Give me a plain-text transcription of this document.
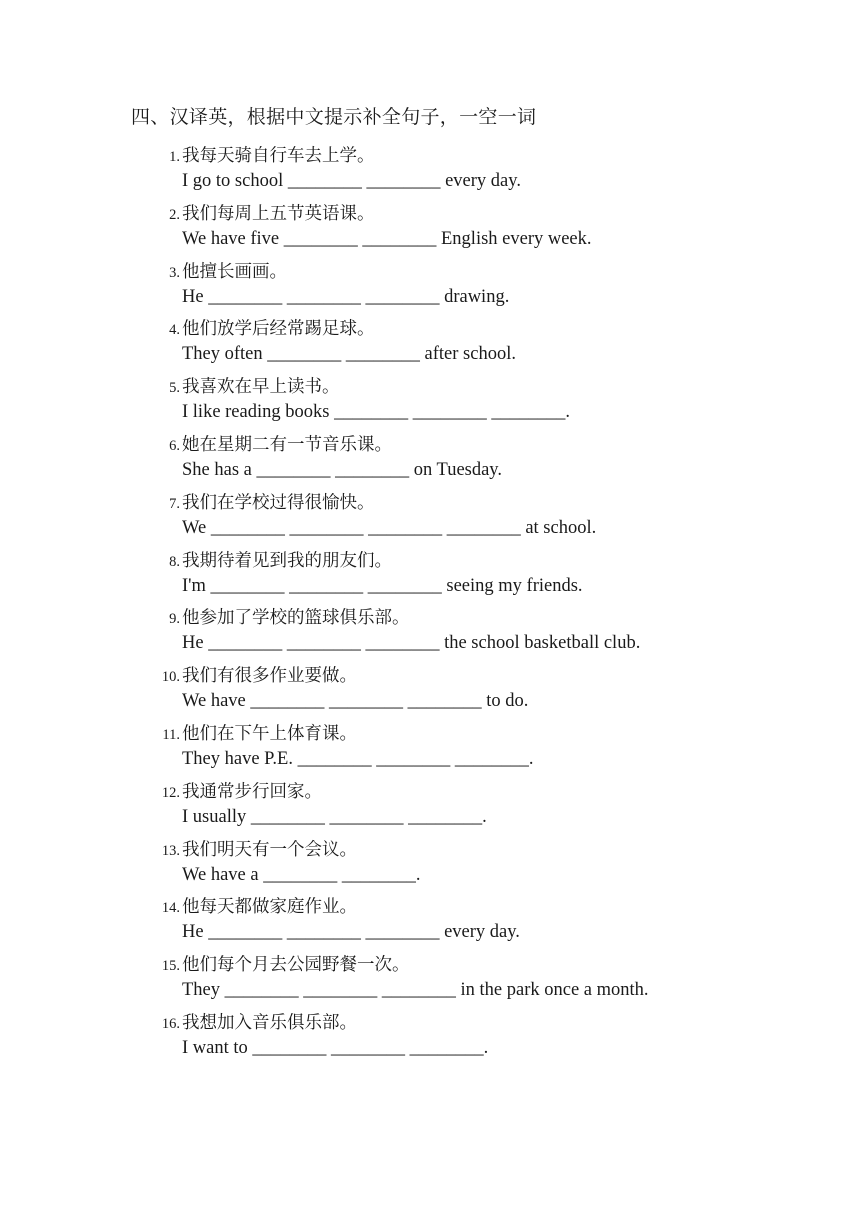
四、汉译英，根据中文提示补全句子，一空一词
1. 我每天骑自行车去上学。
I go to school ________ ________ every day.
2. 我们每周上五节英语课。
We have five ________ ________ English every week.
3. 他擅长画画。
He ________ ________ ________ drawing.
4. 他们放学后经常踢足球。
They often ________ ________ after school.
5. 我喜欢在早上读书。
I like reading books ________ ________ ________.
6. 她在星期二有一节音乐课。
She has a ________ ________ on Tuesday.
7. 我们在学校过得很愉快。
We ________ ________ ________ ________ at school.
8. 我期待着见到我的朋友们。
I'm ________ ________ ________ seeing my friends.
9. 他参加了学校的篮球俱乐部。
He ________ ________ ________ the school basketball club.
10. 我们有很多作业要做。
We have ________ ________ ________ to do.
11. 他们在下午上体育课。
They have P.E. ________ ________ ________.
12. 我通常步行回家。
I usually ________ ________ ________.
13. 我们明天有一个会议。
We have a ________ ________.
14. 他每天都做家庭作业。
He ________ ________ ________ every day.
15. 他们每个月去公园野餐一次。
They ________ ________ ________ in the park once a month.
16. 我想加入音乐俱乐部。
I want to ________ ________ ________.
